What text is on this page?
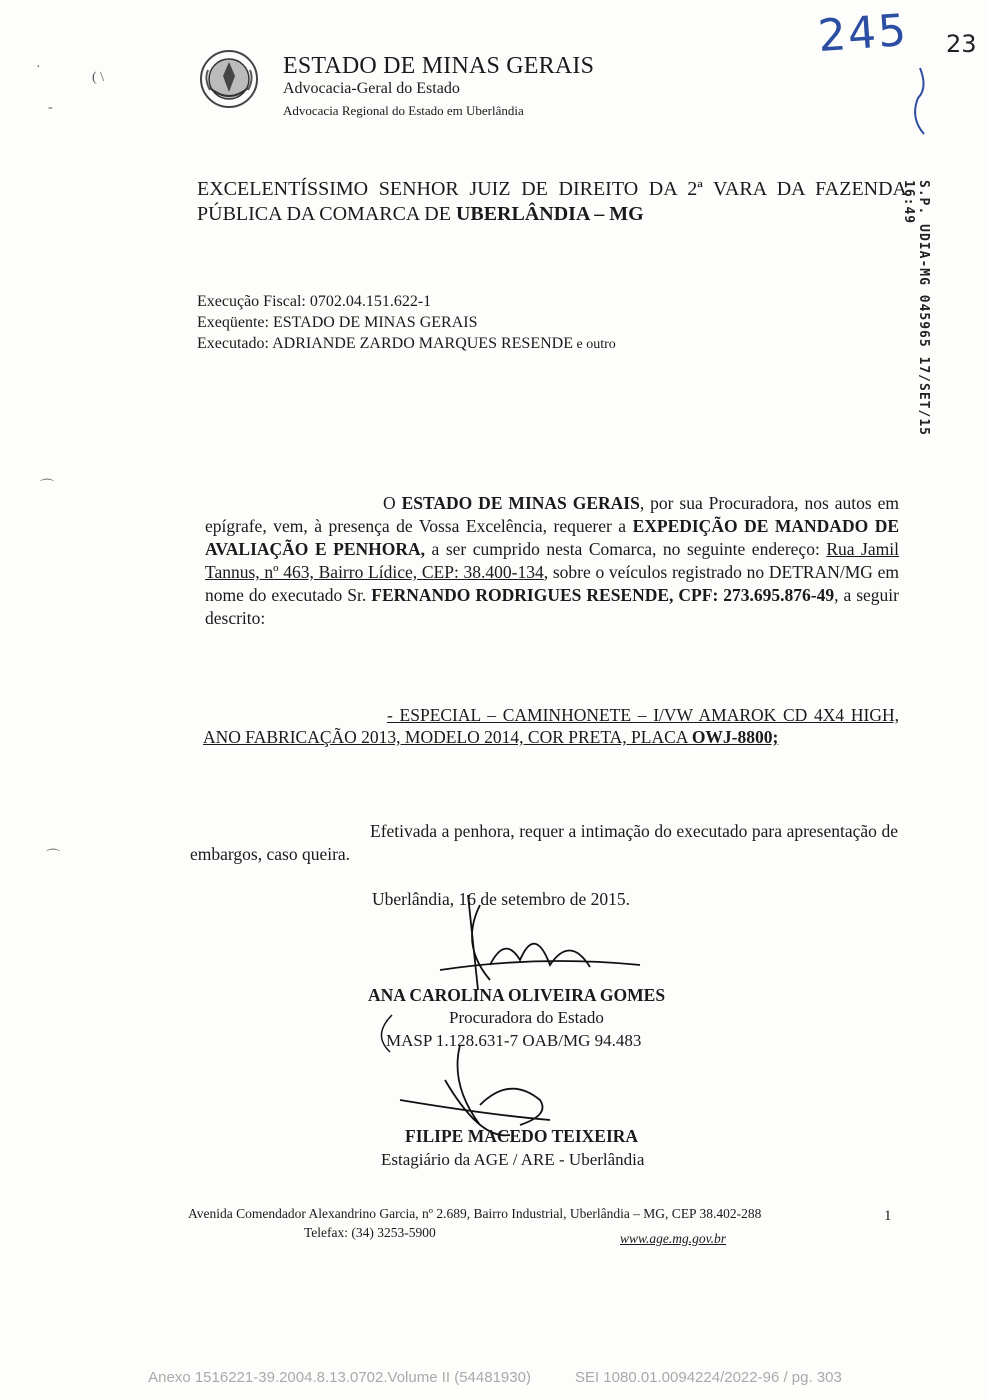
ESTADO DE MINAS GERAIS
Advocacia-Geral do Estado
Advocacia Regional do Estado em Uberlândia
245 23
S.P. UDIA-MG 045965 17/SET/15 16:49
·
( \
-
⌒
⌒
EXCELENTÍSSIMO SENHOR JUIZ DE DIREITO DA 2ª VARA DA FAZENDA PÚBLICA DA COMARCA DE UBERLÂNDIA – MG
Execução Fiscal: 0702.04.151.622-1
Exeqüente: ESTADO DE MINAS GERAIS
Executado: ADRIANDE ZARDO MARQUES RESENDE e outro
O ESTADO DE MINAS GERAIS, por sua Procuradora, nos autos em epígrafe, vem, à presença de Vossa Excelência, requerer a EXPEDIÇÃO DE MANDADO DE AVALIAÇÃO E PENHORA, a ser cumprido nesta Comarca, no seguinte endereço: Rua Jamil Tannus, nº 463, Bairro Lídice, CEP: 38.400-134, sobre o veículos registrado no DETRAN/MG em nome do executado Sr. FERNANDO RODRIGUES RESENDE, CPF: 273.695.876-49, a seguir descrito:
- ESPECIAL – CAMINHONETE – I/VW AMAROK CD 4X4 HIGH, ANO FABRICAÇÃO 2013, MODELO 2014, COR PRETA, PLACA OWJ-8800;
Efetivada a penhora, requer a intimação do executado para apresentação de embargos, caso queira.
Uberlândia, 16 de setembro de 2015.
ANA CAROLINA OLIVEIRA GOMES
Procuradora do Estado
MASP 1.128.631-7 OAB/MG 94.483
FILIPE MACEDO TEIXEIRA
Estagiário da AGE / ARE - Uberlândia
Avenida Comendador Alexandrino Garcia, nº 2.689, Bairro Industrial, Uberlândia – MG, CEP 38.402-288
Telefax: (34) 3253-5900	www.age.mg.gov.br
1
Anexo 1516221-39.2004.8.13.0702.Volume II (54481930)	SEI 1080.01.0094224/2022-96 / pg. 303
